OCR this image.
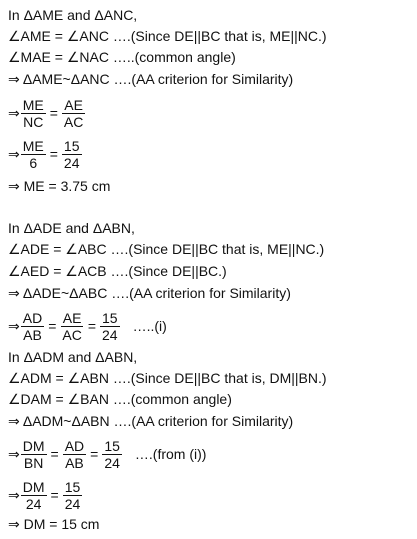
In ΔAME and ΔANC,
∠AME = ∠ANC ….(Since DE||BC that is, ME||NC.)
∠MAE = ∠NAC …..(common angle)
⇒ ΔAME~ΔANC ….(AA criterion for Similarity)
⇒ $\frac{ME}{NC} = \frac{AE}{AC}$
⇒ $\frac{ME}{6} = \frac{15}{24}$
⇒ ME = 3.75 cm
In ΔADE and ΔABN,
∠ADE = ∠ABC ….(Since DE||BC that is, ME||NC.)
∠AED = ∠ACB ….(Since DE||BC.)
⇒ ΔADE~ΔABC ….(AA criterion for Similarity)
⇒ $\frac{AD}{AB} = \frac{AE}{AC} = \frac{15}{24}$ …..(i)
In ΔADM and ΔABN,
∠ADM = ∠ABN ….(Since DE||BC that is, DM||BN.)
∠DAM = ∠BAN ….(common angle)
⇒ ΔADM~ΔABN ….(AA criterion for Similarity)
⇒ $\frac{DM}{BN} = \frac{AD}{AB} = \frac{15}{24}$ ….(from (i))
⇒ $\frac{DM}{24} = \frac{15}{24}$
⇒ DM = 15 cm
